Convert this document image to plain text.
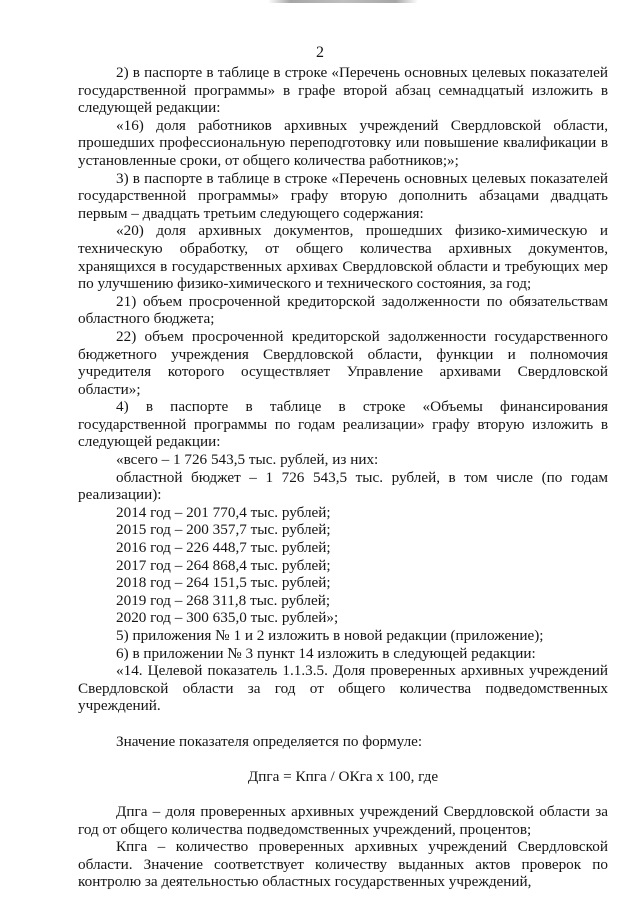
2

2) в паспорте в таблице в строке «Перечень основных целевых показателей государственной программы» в графе второй абзац семнадцатый изложить в следующей редакции:

«16) доля работников архивных учреждений Свердловской области, прошедших профессиональную переподготовку или повышение квалификации в установленные сроки, от общего количества работников;»;

3) в паспорте в таблице в строке «Перечень основных целевых показателей государственной программы» графу вторую дополнить абзацами двадцать первым – двадцать третьим следующего содержания:

«20) доля архивных документов, прошедших физико-химическую и техническую обработку, от общего количества архивных документов, хранящихся в государственных архивах Свердловской области и требующих мер по улучшению физико-химического и технического состояния, за год;

21) объем просроченной кредиторской задолженности по обязательствам областного бюджета;

22) объем просроченной кредиторской задолженности государственного бюджетного учреждения Свердловской области, функции и полномочия учредителя которого осуществляет Управление архивами Свердловской области»;

4) в паспорте в таблице в строке «Объемы финансирования государственной программы по годам реализации» графу вторую изложить в следующей редакции:

«всего – 1 726 543,5 тыс. рублей, из них:

областной бюджет – 1 726 543,5 тыс. рублей, в том числе (по годам реализации):

2014 год – 201 770,4 тыс. рублей;

2015 год – 200 357,7 тыс. рублей;

2016 год – 226 448,7 тыс. рублей;

2017 год – 264 868,4 тыс. рублей;

2018 год – 264 151,5 тыс. рублей;

2019 год – 268 311,8 тыс. рублей;

2020 год – 300 635,0 тыс. рублей»;

5) приложения № 1 и 2 изложить в новой редакции (приложение);

6) в приложении № 3 пункт 14 изложить в следующей редакции:

«14. Целевой показатель 1.1.3.5. Доля проверенных архивных учреждений Свердловской области за год от общего количества подведомственных учреждений.

Значение показателя определяется по формуле:

Дпга = Кпга / ОКга х 100, где

Дпга – доля проверенных архивных учреждений Свердловской области за год от общего количества подведомственных учреждений, процентов;

Кпга – количество проверенных архивных учреждений Свердловской области. Значение соответствует количеству выданных актов проверок по контролю за деятельностью областных государственных учреждений,
